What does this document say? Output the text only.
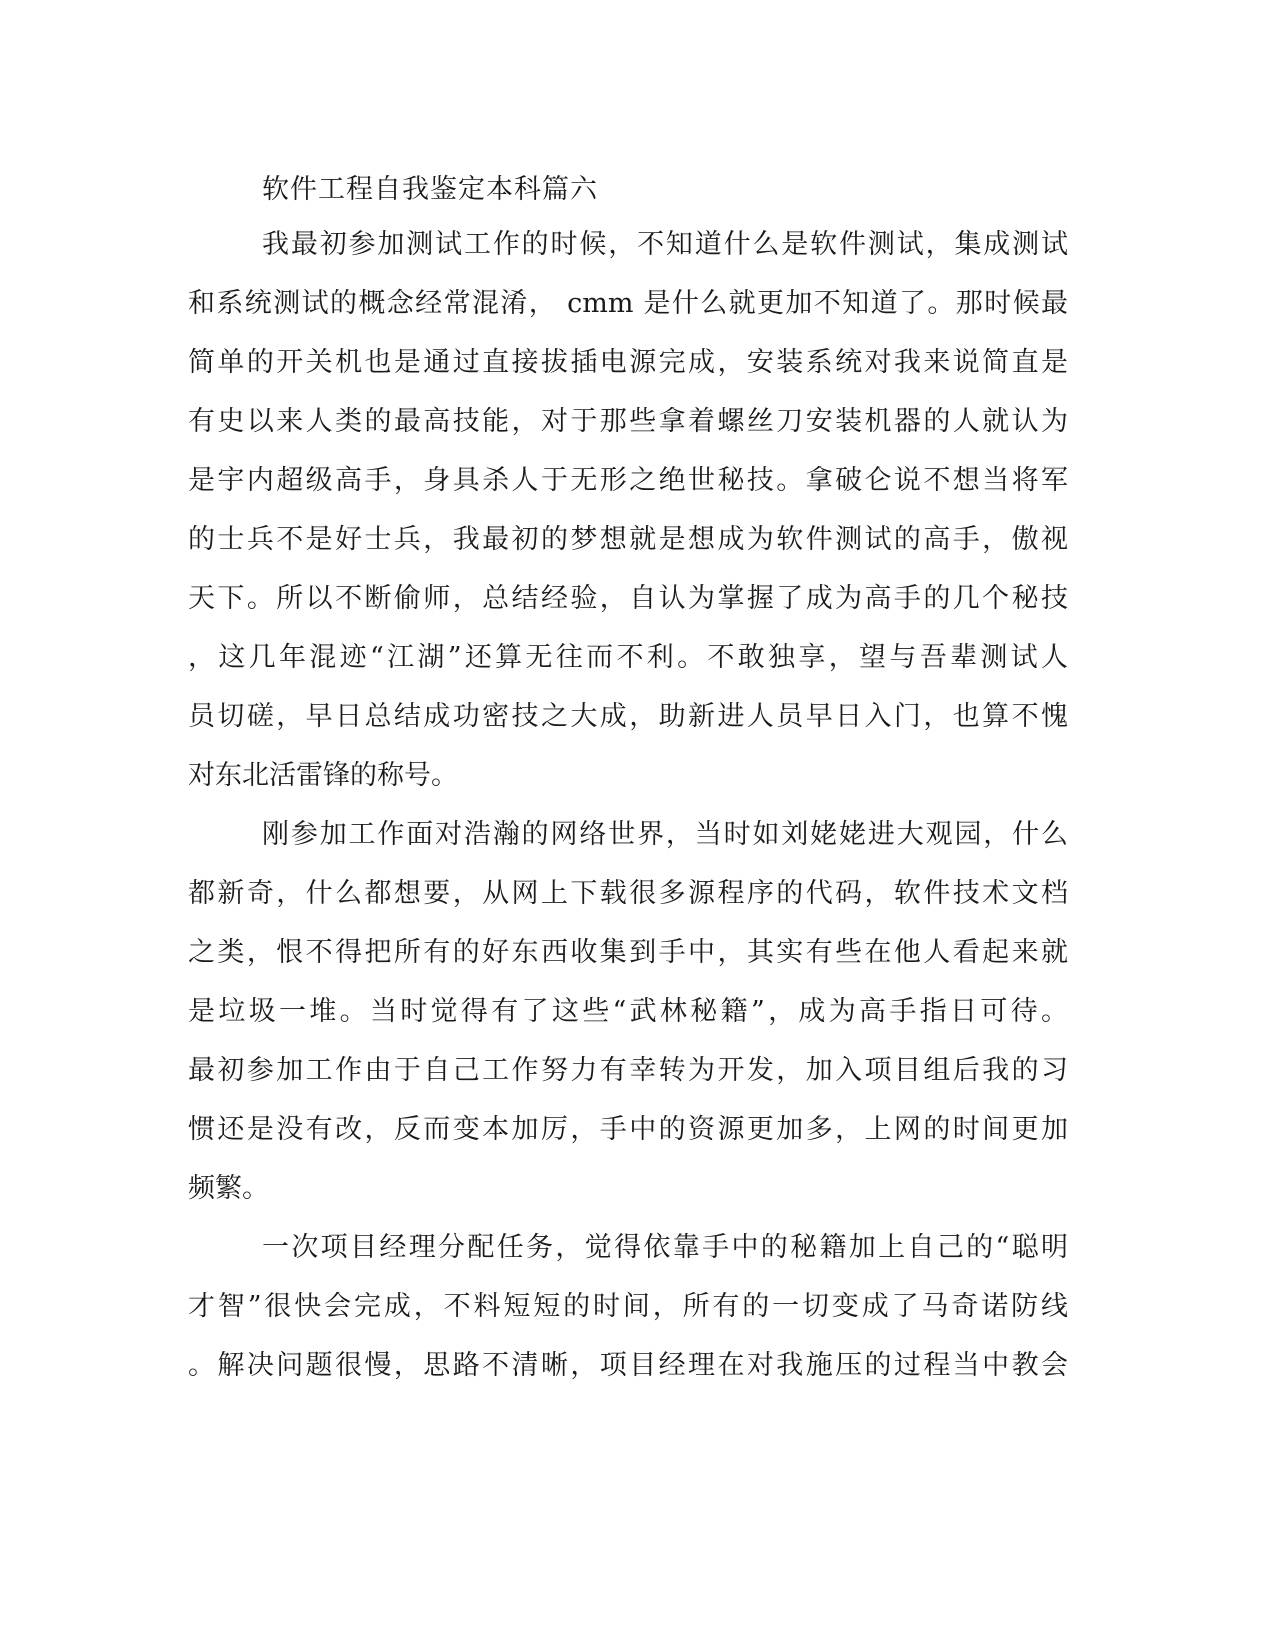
软件工程自我鉴定本科篇六
我最初参加测试工作的时候，不知道什么是软件测试，集成测试
和系统测试的概念经常混淆， cmm 是什么就更加不知道了。那时候最
简单的开关机也是通过直接拔插电源完成，安装系统对我来说简直是
有史以来人类的最高技能，对于那些拿着螺丝刀安装机器的人就认为
是宇内超级高手，身具杀人于无形之绝世秘技。拿破仑说不想当将军
的士兵不是好士兵，我最初的梦想就是想成为软件测试的高手，傲视
天下。所以不断偷师，总结经验，自认为掌握了成为高手的几个秘技
，这几年混迹“江湖”还算无往而不利。不敢独享，望与吾辈测试人
员切磋，早日总结成功密技之大成，助新进人员早日入门，也算不愧
对东北活雷锋的称号。
刚参加工作面对浩瀚的网络世界，当时如刘姥姥进大观园，什么
都新奇，什么都想要，从网上下载很多源程序的代码，软件技术文档
之类，恨不得把所有的好东西收集到手中，其实有些在他人看起来就
是垃圾一堆。当时觉得有了这些“武林秘籍”，成为高手指日可待。
最初参加工作由于自己工作努力有幸转为开发，加入项目组后我的习
惯还是没有改，反而变本加厉，手中的资源更加多，上网的时间更加
频繁。
一次项目经理分配任务，觉得依靠手中的秘籍加上自己的“聪明
才智”很快会完成，不料短短的时间，所有的一切变成了马奇诺防线
。解决问题很慢，思路不清晰，项目经理在对我施压的过程当中教会
